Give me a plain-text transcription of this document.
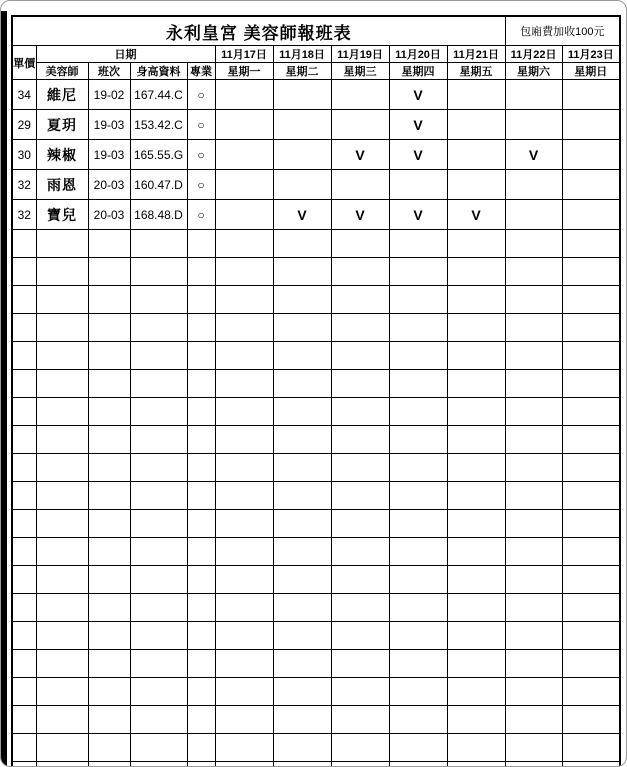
永利皇宮 美容師報班表										包廂費加收100元	
單價	日期				11月17日	11月18日	11月19日	11月20日	11月21日	11月22日	11月23日
	美容師	班次	身高資料	專業	星期一	星期二	星期三	星期四	星期五	星期六	星期日
34	維尼	19-02	167.44.C	○				V			
29	夏玥	19-03	153.42.C	○				V			
30	辣椒	19-03	165.55.G	○			V	V		V	
32	雨恩	20-03	160.47.D	○							
32	寶兒	20-03	168.48.D	○		V	V	V	V		
